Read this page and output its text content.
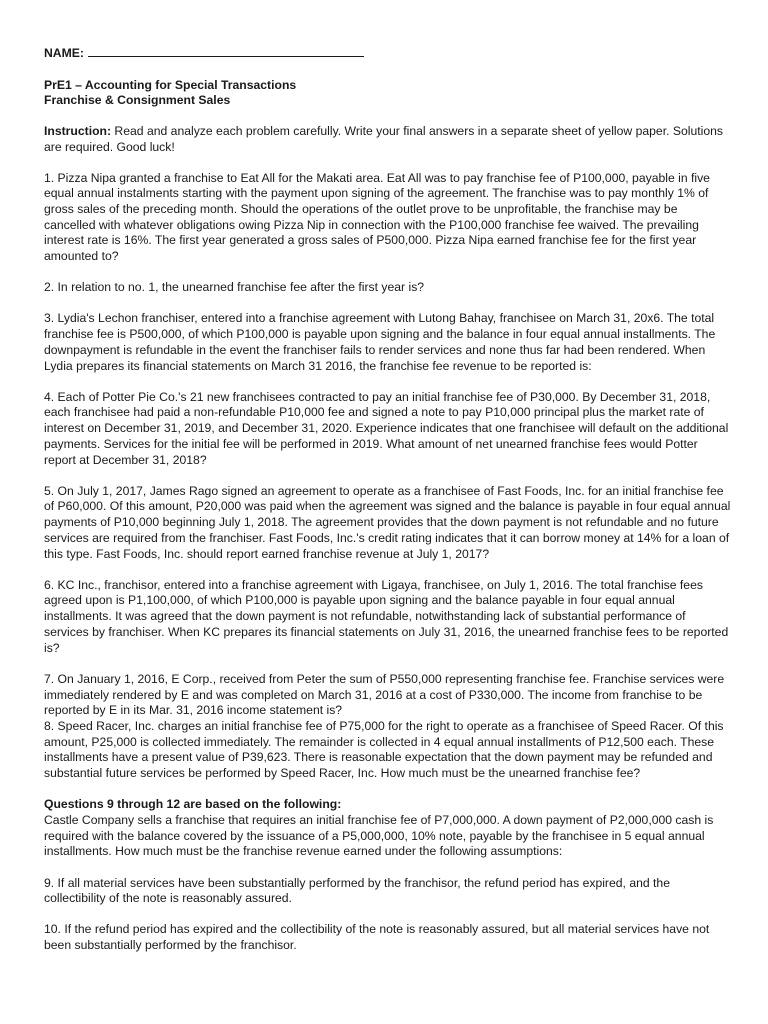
NAME:
PrE1 – Accounting for Special Transactions
Franchise & Consignment Sales
Instruction: Read and analyze each problem carefully. Write your final answers in a separate sheet of yellow paper. Solutions are required. Good luck!
1. Pizza Nipa granted a franchise to Eat All for the Makati area. Eat All was to pay franchise fee of P100,000, payable in five equal annual instalments starting with the payment upon signing of the agreement. The franchise was to pay monthly 1% of gross sales of the preceding month. Should the operations of the outlet prove to be unprofitable, the franchise may be cancelled with whatever obligations owing Pizza Nip in connection with the P100,000 franchise fee waived. The prevailing interest rate is 16%. The first year generated a gross sales of P500,000. Pizza Nipa earned franchise fee for the first year amounted to?
2. In relation to no. 1, the unearned franchise fee after the first year is?
3. Lydia's Lechon franchiser, entered into a franchise agreement with Lutong Bahay, franchisee on March 31, 20x6. The total franchise fee is P500,000, of which P100,000 is payable upon signing and the balance in four equal annual installments. The downpayment is refundable in the event the franchiser fails to render services and none thus far had been rendered. When Lydia prepares its financial statements on March 31 2016, the franchise fee revenue to be reported is:
4. Each of Potter Pie Co.'s 21 new franchisees contracted to pay an initial franchise fee of P30,000. By December 31, 2018, each franchisee had paid a non-refundable P10,000 fee and signed a note to pay P10,000 principal plus the market rate of interest on December 31, 2019, and December 31, 2020. Experience indicates that one franchisee will default on the additional payments. Services for the initial fee will be performed in 2019. What amount of net unearned franchise fees would Potter report at December 31, 2018?
5. On July 1, 2017, James Rago signed an agreement to operate as a franchisee of Fast Foods, Inc. for an initial franchise fee of P60,000. Of this amount, P20,000 was paid when the agreement was signed and the balance is payable in four equal annual payments of P10,000 beginning July 1, 2018. The agreement provides that the down payment is not refundable and no future services are required from the franchiser. Fast Foods, Inc.'s credit rating indicates that it can borrow money at 14% for a loan of this type. Fast Foods, Inc. should report earned franchise revenue at July 1, 2017?
6. KC Inc., franchisor, entered into a franchise agreement with Ligaya, franchisee, on July 1, 2016. The total franchise fees agreed upon is P1,100,000, of which P100,000 is payable upon signing and the balance payable in four equal annual installments. It was agreed that the down payment is not refundable, notwithstanding lack of substantial performance of services by franchiser. When KC prepares its financial statements on July 31, 2016, the unearned franchise fees to be reported is?
7. On January 1, 2016, E Corp., received from Peter the sum of P550,000 representing franchise fee. Franchise services were immediately rendered by E and was completed on March 31, 2016 at a cost of P330,000. The income from franchise to be reported by E in its Mar. 31, 2016 income statement is?
8. Speed Racer, Inc. charges an initial franchise fee of P75,000 for the right to operate as a franchisee of Speed Racer. Of this amount, P25,000 is collected immediately. The remainder is collected in 4 equal annual installments of P12,500 each. These installments have a present value of P39,623. There is reasonable expectation that the down payment may be refunded and substantial future services be performed by Speed Racer, Inc. How much must be the unearned franchise fee?
Questions 9 through 12 are based on the following:
Castle Company sells a franchise that requires an initial franchise fee of P7,000,000. A down payment of P2,000,000 cash is required with the balance covered by the issuance of a P5,000,000, 10% note, payable by the franchisee in 5 equal annual installments. How much must be the franchise revenue earned under the following assumptions:
9. If all material services have been substantially performed by the franchisor, the refund period has expired, and the collectibility of the note is reasonably assured.
10. If the refund period has expired and the collectibility of the note is reasonably assured, but all material services have not been substantially performed by the franchisor.
